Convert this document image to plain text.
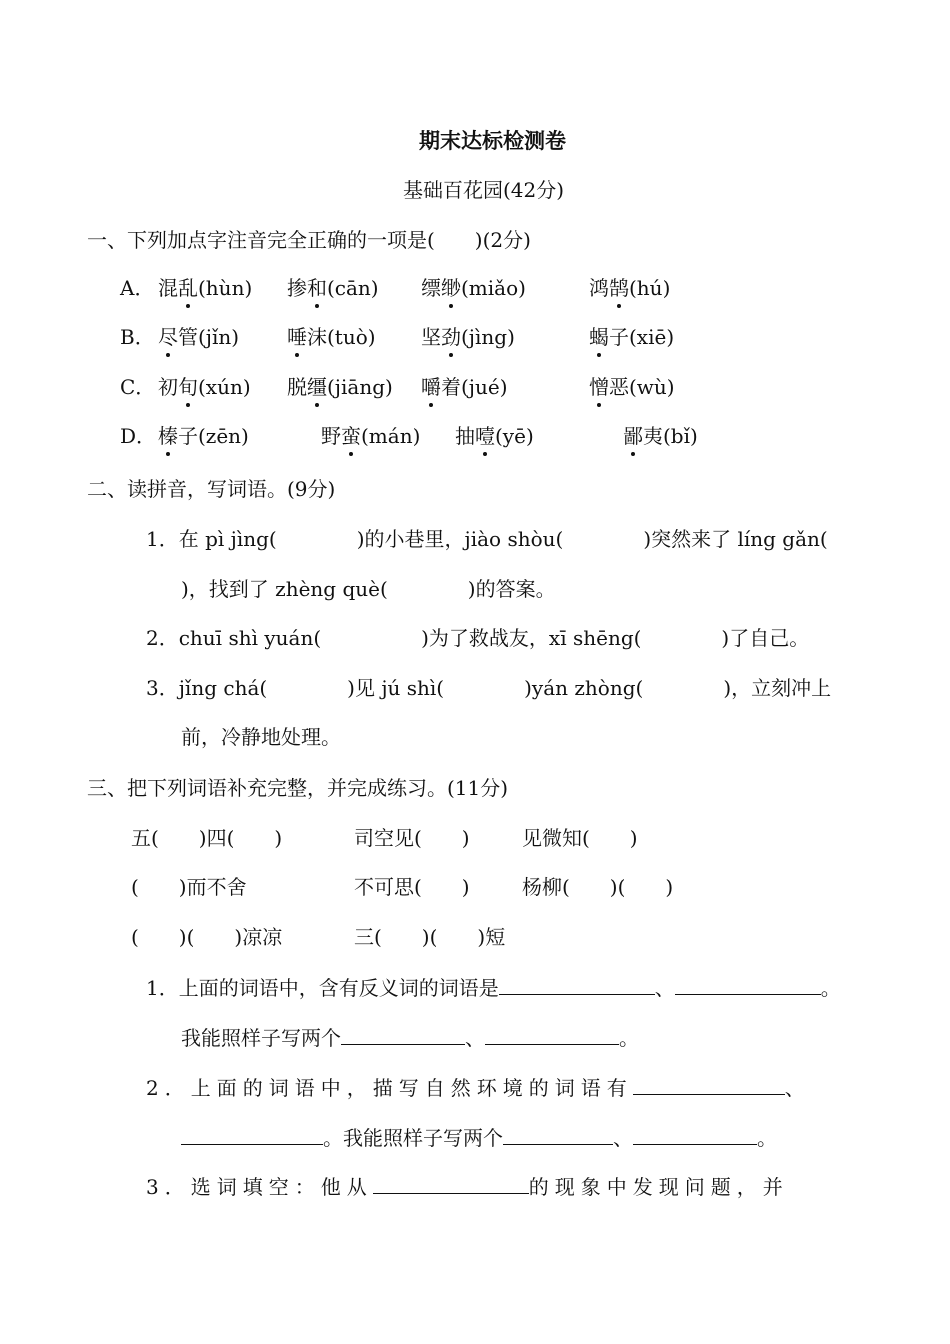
期末达标检测卷
基础百花园(42分)
一、下列加点字注音完全正确的一项是(　　)(2分)
A． 混乱(hùn) 掺和(cān) 缥缈(miǎo)	鸿鹄(hú)
B． 尽管(jǐn) 唾沫(tuò) 坚劲(jìng)	蝎子(xiē)
C． 初旬(xún) 脱缰(jiāng) 嚼着(jué)	憎恶(wù)
D． 榛子(zēn)	野蛮(mán) 抽噎(yē)	鄙夷(bǐ)
二、读拼音，写词语。(9分)
1．在 pì jìng(　　　　)的小巷里，jiào shòu(　　　　)突然来了 líng gǎn(
　)，找到了 zhèng què(　　　　)的答案。
2．chuī shì yuán(　　　　　)为了救战友，xī shēng(　　　　)了自己。
3．jǐng chá(　　　　)见 jú shì(　　　　)yán zhòng(　　　　)，立刻冲上
前，冷静地处理。
三、把下列词语补充完整，并完成练习。(11分)
五(　　)四(　　)	司空见(　　)	见微知(　　)
(　　)而不舍	不可思(　　)	杨柳(　　)(　　)
(　　)(　　)凉凉	三(　　)(　　)短
1．上面的词语中，含有反义词的词语是	、	。
我能照样子写两个	、	。
2．上面的词语中，描写自然环境的词语有	、
。我能照样子写两个	、	。
3．选词填空：他从	的现象中发现问题，并
